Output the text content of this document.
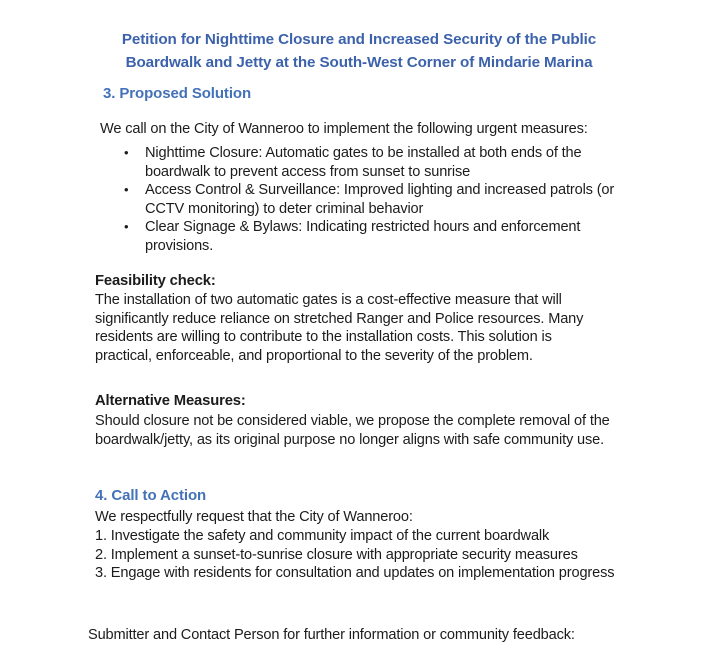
Petition for Nighttime Closure and Increased Security of the Public
Boardwalk and Jetty at the South-West Corner of Mindarie Marina
3. Proposed Solution
We call on the City of Wanneroo to implement the following urgent measures:
• Nighttime Closure: Automatic gates to be installed at both ends of the boardwalk to prevent access from sunset to sunrise
• Access Control & Surveillance: Improved lighting and increased patrols (or CCTV monitoring) to deter criminal behavior
• Clear Signage & Bylaws: Indicating restricted hours and enforcement provisions.
Feasibility check:
The installation of two automatic gates is a cost-effective measure that will significantly reduce reliance on stretched Ranger and Police resources. Many residents are willing to contribute to the installation costs. This solution is practical, enforceable, and proportional to the severity of the problem.
Alternative Measures:
Should closure not be considered viable, we propose the complete removal of the boardwalk/jetty, as its original purpose no longer aligns with safe community use.
4. Call to Action
We respectfully request that the City of Wanneroo:
1. Investigate the safety and community impact of the current boardwalk
2. Implement a sunset-to-sunrise closure with appropriate security measures
3. Engage with residents for consultation and updates on implementation progress
Submitter and Contact Person for further information or community feedback:
